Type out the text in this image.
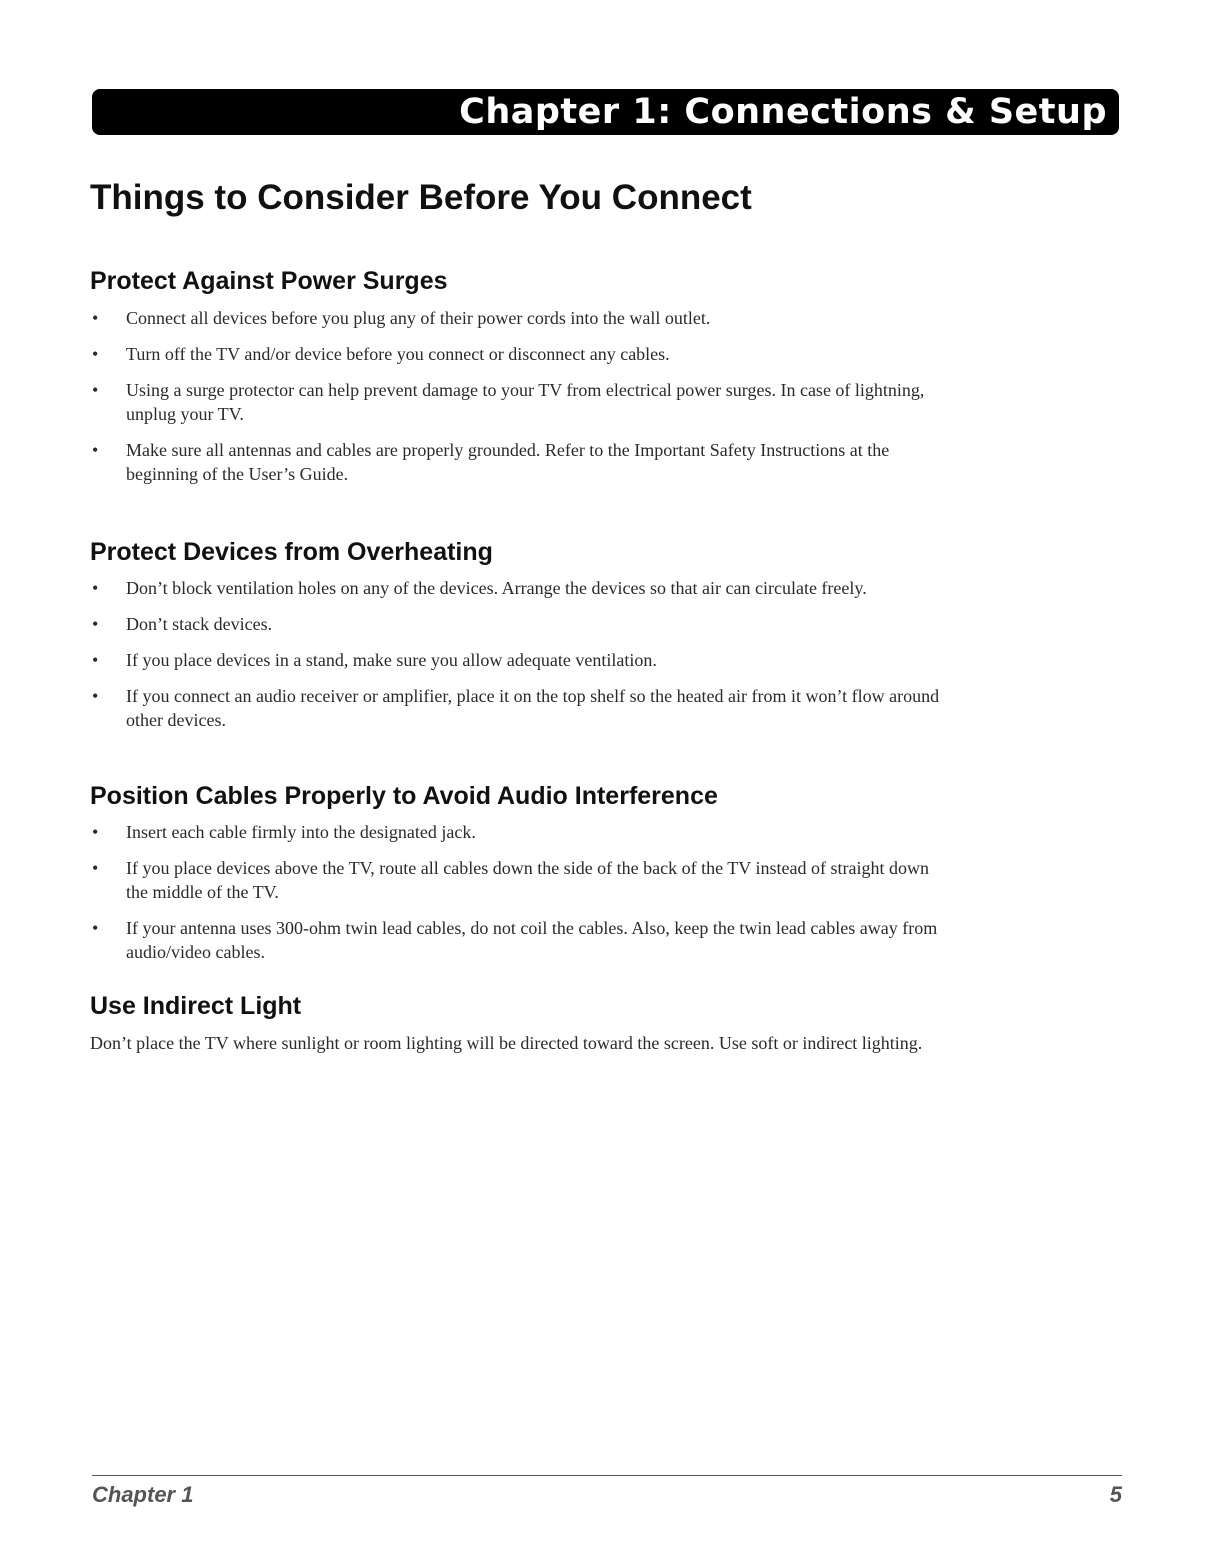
Chapter 1: Connections & Setup
Things to Consider Before You Connect
Protect Against Power Surges
• Connect all devices before you plug any of their power cords into the wall outlet.
• Turn off the TV and/or device before you connect or disconnect any cables.
• Using a surge protector can help prevent damage to your TV from electrical power surges. In case of lightning, unplug your TV.
• Make sure all antennas and cables are properly grounded. Refer to the Important Safety Instructions at the beginning of the User’s Guide.
Protect Devices from Overheating
• Don’t block ventilation holes on any of the devices. Arrange the devices so that air can circulate freely.
• Don’t stack devices.
• If you place devices in a stand, make sure you allow adequate ventilation.
• If you connect an audio receiver or amplifier, place it on the top shelf so the heated air from it won’t flow around other devices.
Position Cables Properly to Avoid Audio Interference
• Insert each cable firmly into the designated jack.
• If you place devices above the TV, route all cables down the side of the back of the TV instead of straight down the middle of the TV.
• If your antenna uses 300-ohm twin lead cables, do not coil the cables. Also, keep the twin lead cables away from audio/video cables.
Use Indirect Light

Don’t place the TV where sunlight or room lighting will be directed toward the screen. Use soft or indirect lighting.

Chapter 1	5
